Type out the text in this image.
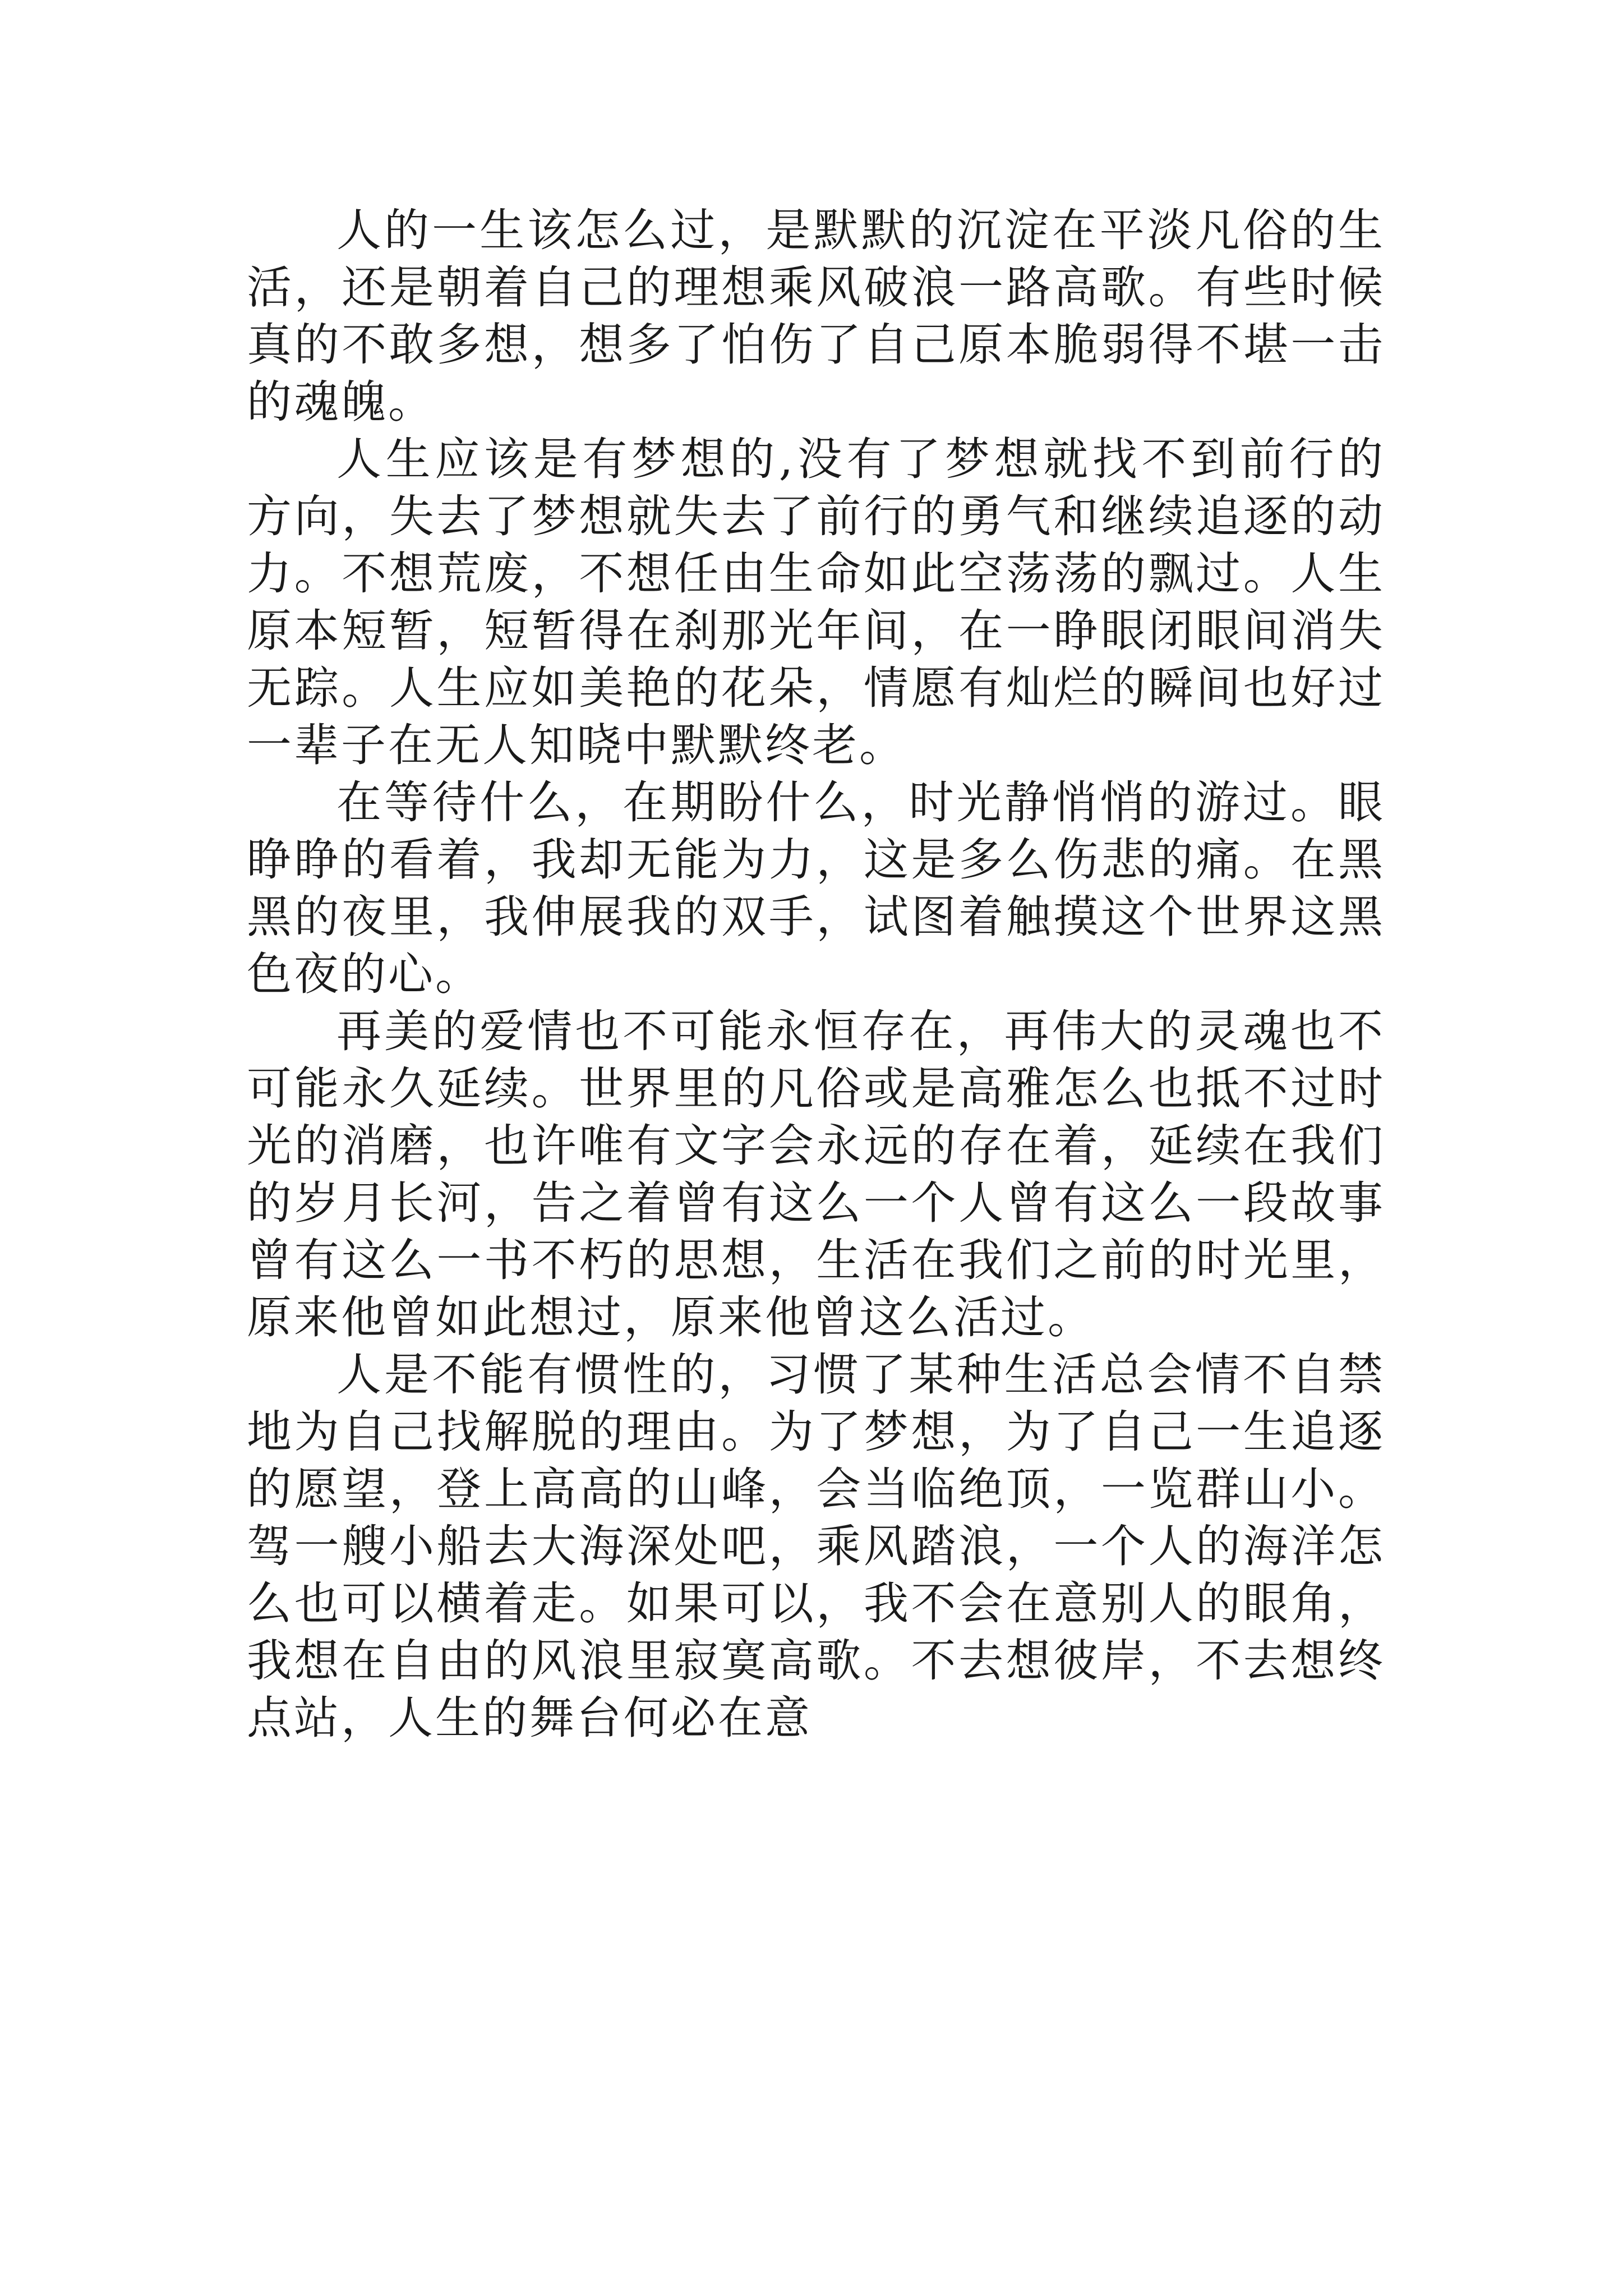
人的一生该怎么过，是默默的沉淀在平淡凡俗的生活，还是朝着自己的理想乘风破浪一路高歌。有些时候真的不敢多想，想多了怕伤了自己原本脆弱得不堪一击的魂魄。

人生应该是有梦想的,没有了梦想就找不到前行的方向，失去了梦想就失去了前行的勇气和继续追逐的动力。不想荒废，不想任由生命如此空荡荡的飘过。人生原本短暂，短暂得在刹那光年间，在一睁眼闭眼间消失无踪。人生应如美艳的花朵，情愿有灿烂的瞬间也好过一辈子在无人知晓中默默终老。

在等待什么，在期盼什么，时光静悄悄的游过。眼睁睁的看着，我却无能为力，这是多么伤悲的痛。在黑黑的夜里，我伸展我的双手，试图着触摸这个世界这黑色夜的心。

再美的爱情也不可能永恒存在，再伟大的灵魂也不可能永久延续。世界里的凡俗或是高雅怎么也抵不过时光的消磨，也许唯有文字会永远的存在着，延续在我们的岁月长河，告之着曾有这么一个人曾有这么一段故事曾有这么一书不朽的思想，生活在我们之前的时光里，原来他曾如此想过，原来他曾这么活过。

人是不能有惯性的，习惯了某种生活总会情不自禁地为自己找解脱的理由。为了梦想，为了自己一生追逐的愿望，登上高高的山峰，会当临绝顶，一览群山小。驾一艘小船去大海深处吧，乘风踏浪，一个人的海洋怎么也可以横着走。如果可以，我不会在意别人的眼角，我想在自由的风浪里寂寞高歌。不去想彼岸，不去想终点站，人生的舞台何必在意
